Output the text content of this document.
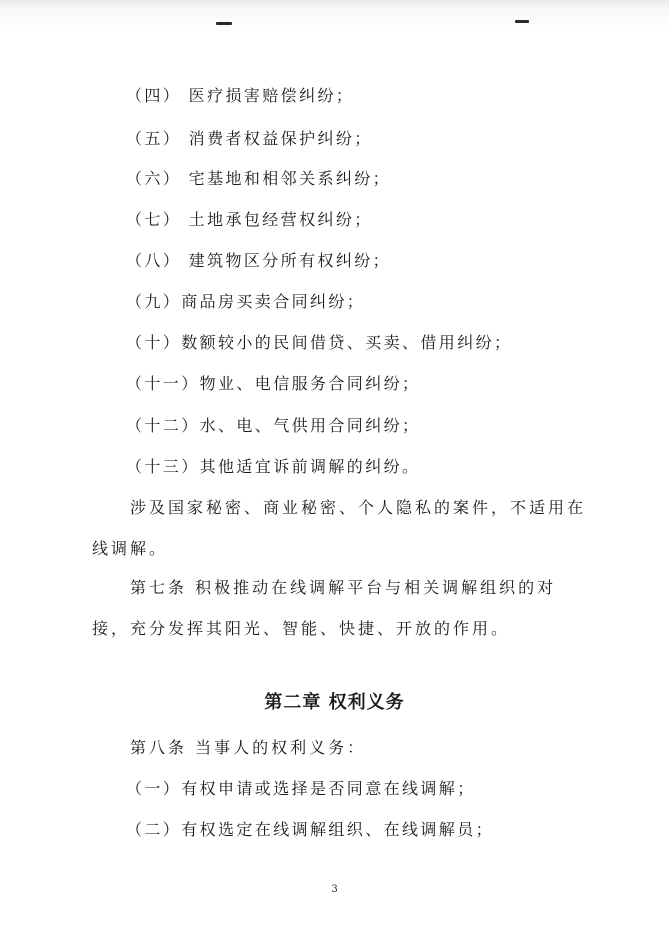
（四） 医疗损害赔偿纠纷；
（五） 消费者权益保护纠纷；
（六） 宅基地和相邻关系纠纷；
（七） 土地承包经营权纠纷；
（八） 建筑物区分所有权纠纷；
（九）商品房买卖合同纠纷；
（十）数额较小的民间借贷、买卖、借用纠纷；
（十一）物业、电信服务合同纠纷；
（十二）水、电、气供用合同纠纷；
（十三）其他适宜诉前调解的纠纷。
涉及国家秘密、商业秘密、个人隐私的案件，不适用在
线调解。
第七条 积极推动在线调解平台与相关调解组织的对
接，充分发挥其阳光、智能、快捷、开放的作用。
第二章 权利义务
第八条 当事人的权利义务：
（一）有权申请或选择是否同意在线调解；
（二）有权选定在线调解组织、在线调解员；
3
